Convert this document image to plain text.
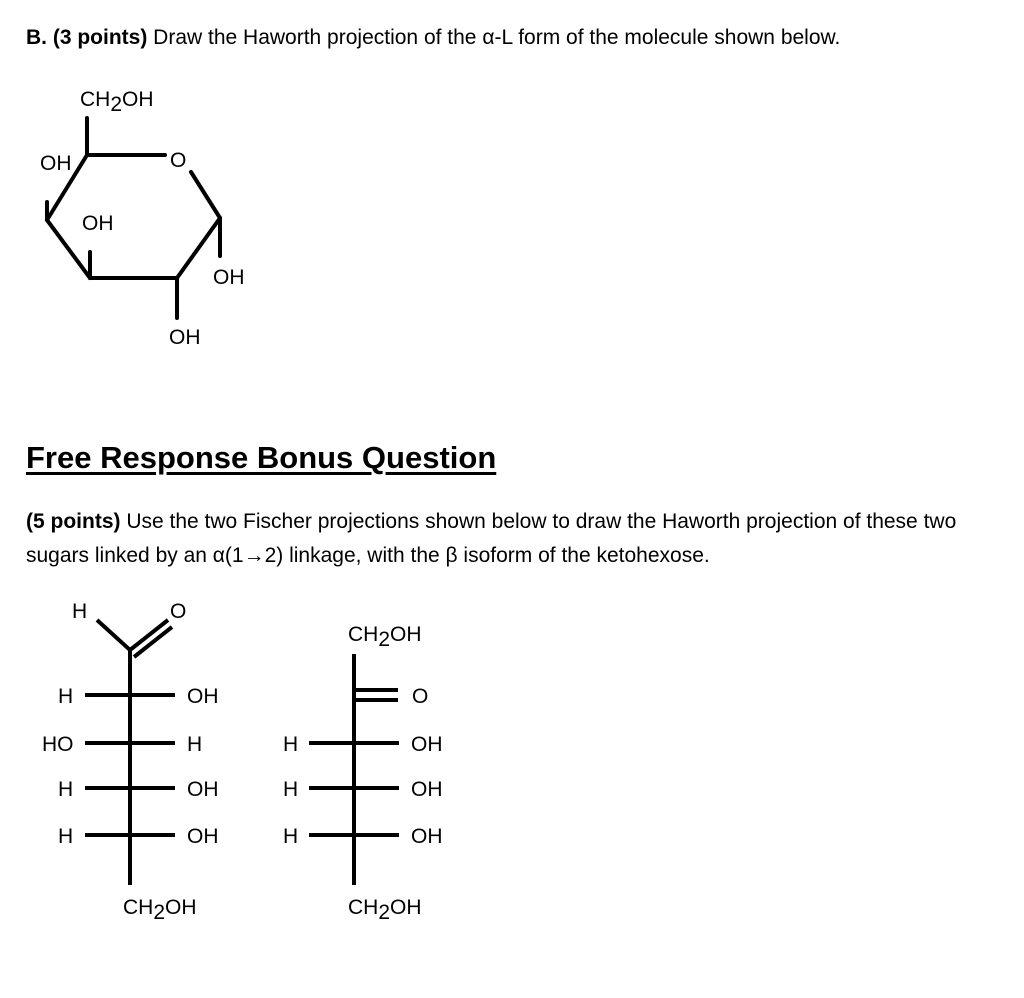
B. (3 points) Draw the Haworth projection of the α-L form of the molecule shown below.
CH2OH
O
OH
OH
OH
OH
Free Response Bonus Question
(5 points) Use the two Fischer projections shown below to draw the Haworth projection of these two sugars linked by an α(1→2) linkage, with the β isoform of the ketohexose.
H	O
H	OH
HO	H
H	OH
H	OH
CH2OH
CH2OH
O
H	OH
H	OH
H	OH
CH2OH
